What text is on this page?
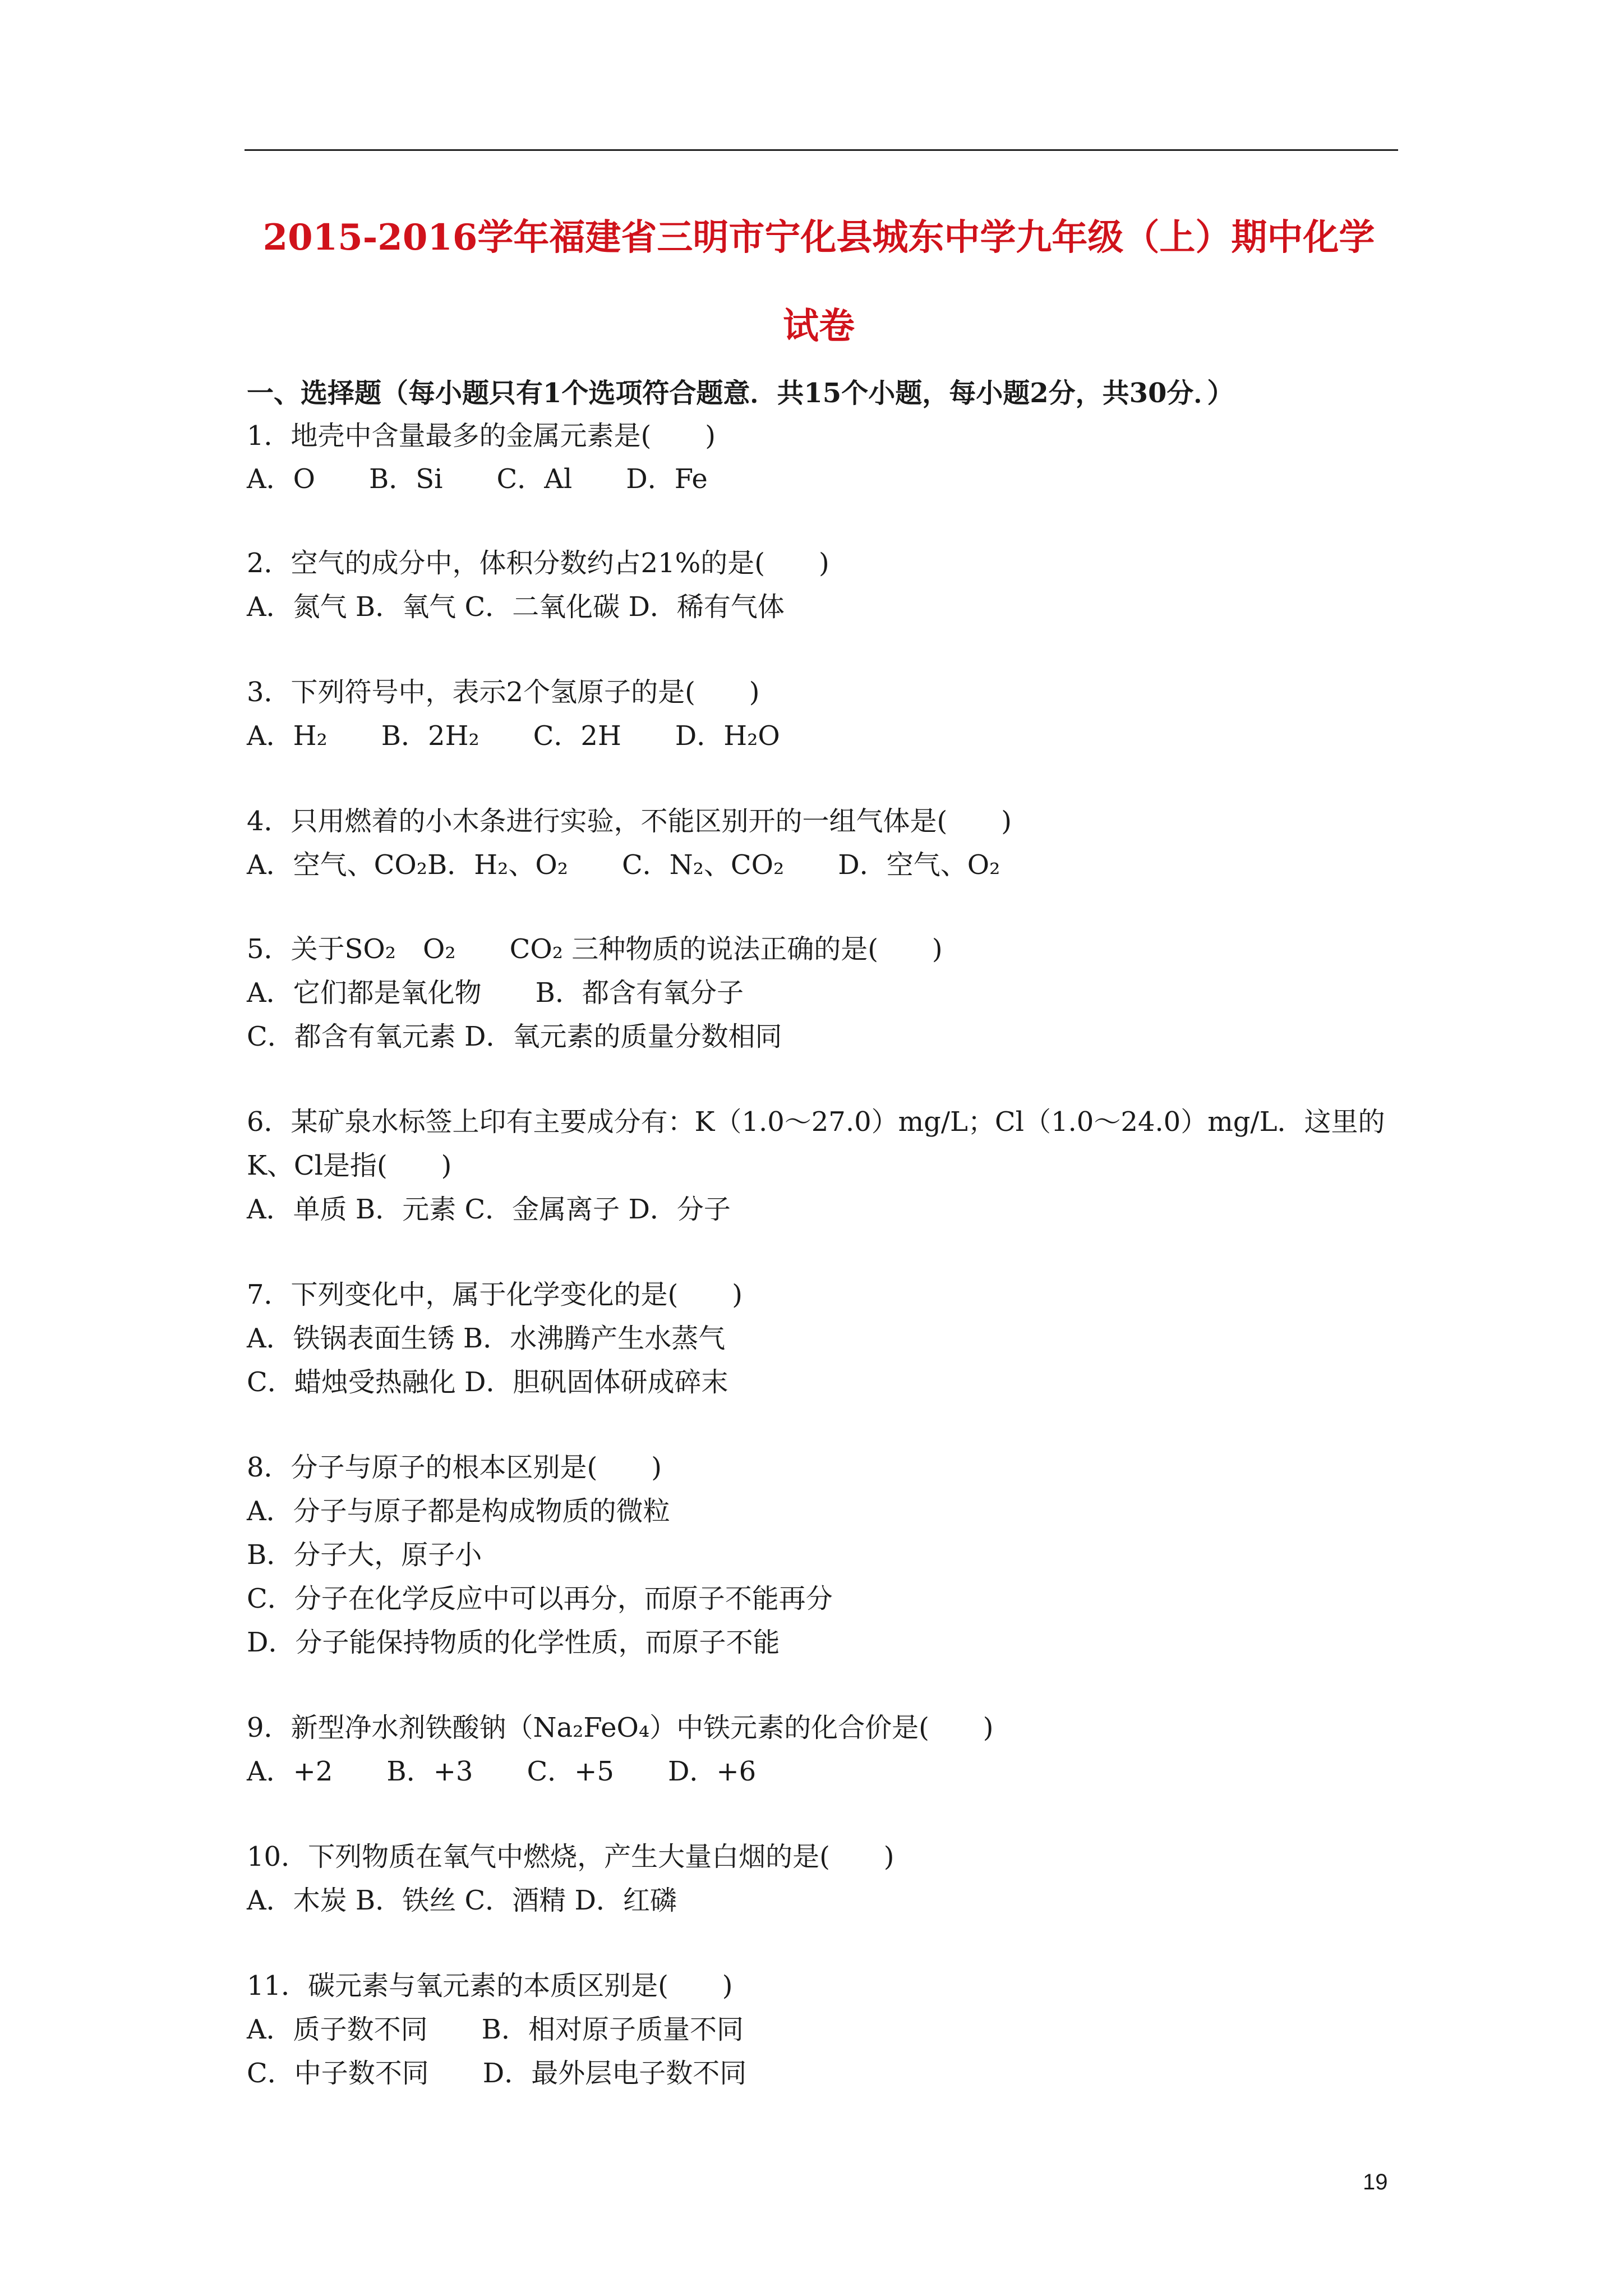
2015-2016学年福建省三明市宁化县城东中学九年级（上）期中化学
试卷
一、选择题（每小题只有1个选项符合题意．共15个小题，每小题2分，共30分．）
1．地壳中含量最多的金属元素是(　　)
A．O　　B．Si　　C．Al　　D．Fe
2．空气的成分中，体积分数约占21%的是(　　)
A．氮气 B．氧气 C．二氧化碳 D．稀有气体
3．下列符号中，表示2个氢原子的是(　　)
A．H₂　　B．2H₂　　C．2H　　D．H₂O
4．只用燃着的小木条进行实验，不能区别开的一组气体是(　　)
A．空气、CO₂B．H₂、O₂　　C．N₂、CO₂　　D．空气、O₂
5．关于SO₂　O₂　　CO₂ 三种物质的说法正确的是(　　)
A．它们都是氧化物　　B．都含有氧分子
C．都含有氧元素 D．氧元素的质量分数相同
6．某矿泉水标签上印有主要成分有：K（1.0～27.0）mg/L；Cl（1.0～24.0）mg/L．这里的
K、Cl是指(　　)
A．单质 B．元素 C．金属离子 D．分子
7．下列变化中，属于化学变化的是(　　)
A．铁锅表面生锈 B．水沸腾产生水蒸气
C．蜡烛受热融化 D．胆矾固体研成碎末
8．分子与原子的根本区别是(　　)
A．分子与原子都是构成物质的微粒
B．分子大，原子小
C．分子在化学反应中可以再分，而原子不能再分
D．分子能保持物质的化学性质，而原子不能
9．新型净水剂铁酸钠（Na₂FeO₄）中铁元素的化合价是(　　)
A．+2　　B．+3　　C．+5　　D．+6
10．下列物质在氧气中燃烧，产生大量白烟的是(　　)
A．木炭 B．铁丝 C．酒精 D．红磷
11．碳元素与氧元素的本质区别是(　　)
A．质子数不同　　B．相对原子质量不同
C．中子数不同　　D．最外层电子数不同
19
